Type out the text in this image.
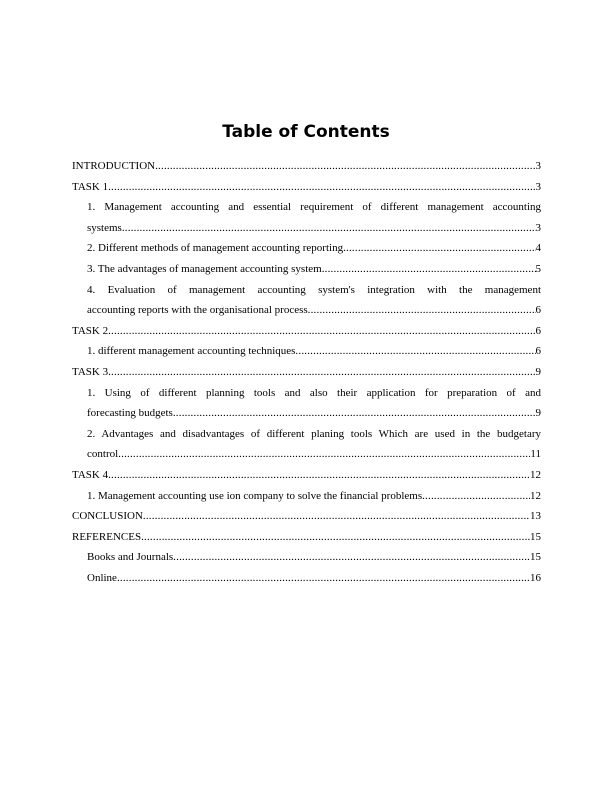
Table of Contents
INTRODUCTION .....	3
TASK 1 .....	3
1. Management accounting and essential requirement of different management accounting
systems .....	3
2. Different methods of management accounting reporting .....	4
3. The advantages of management accounting system .....	5
4. Evaluation of management accounting system's integration with the management
accounting reports with the organisational process .....	6
TASK 2 .....	6
1. different management accounting techniques .....	6
TASK 3 .....	9
1. Using of different planning tools and also their application for preparation of and
forecasting budgets .....	9
2. Advantages and disadvantages of different planing tools Which are used in the budgetary
control .....	11
TASK 4 .....	12
1. Management accounting use ion company to solve the financial problems .....	12
CONCLUSION .....	13
REFERENCES .....	15
Books and Journals .....	15
Online .....	16
